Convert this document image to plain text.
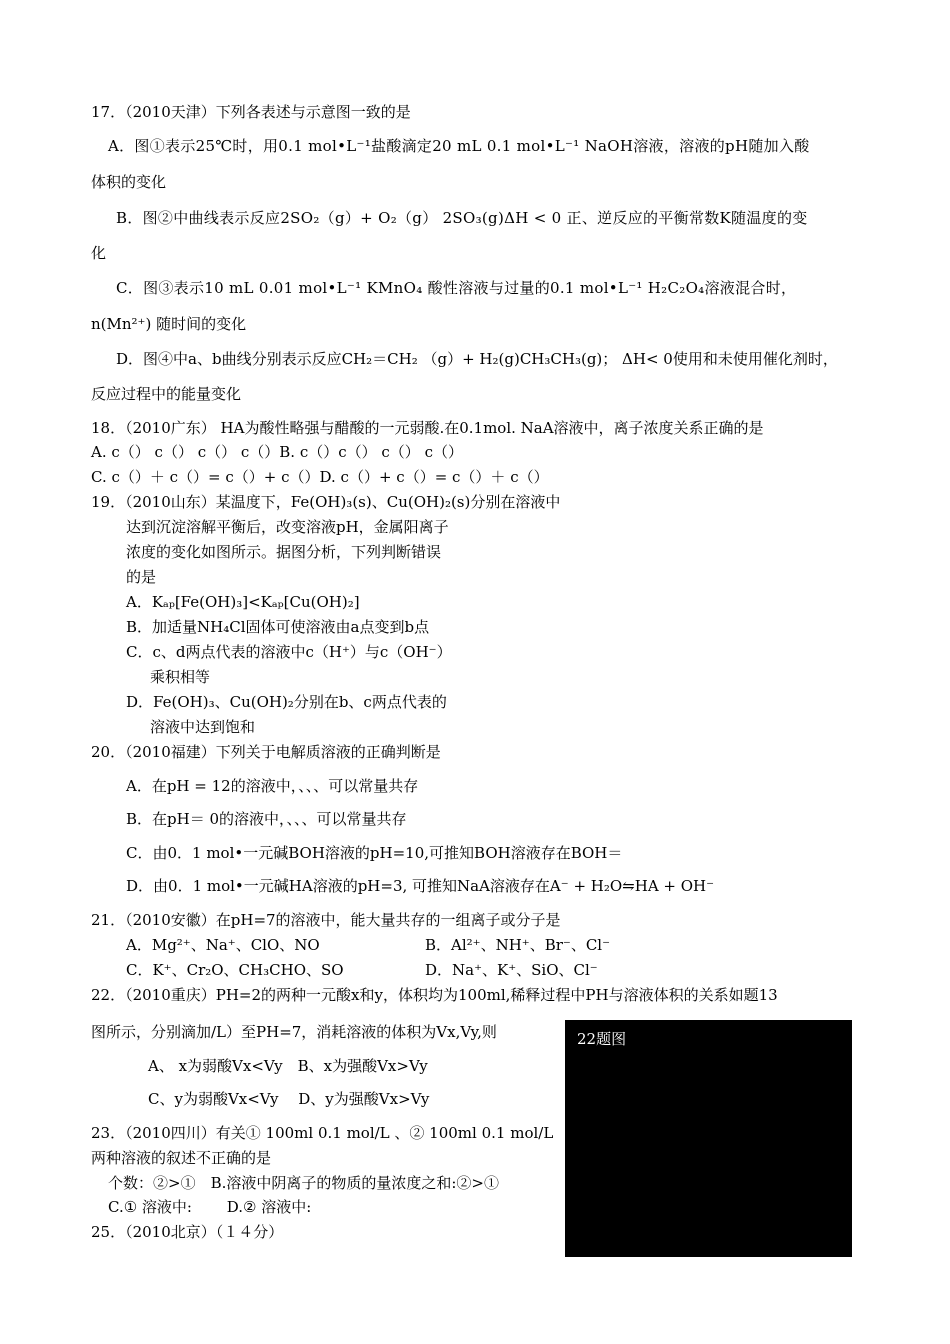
17．（2010天津）下列各表述与示意图一致的是
A．图①表示25℃时，用0.1 mol•L⁻¹盐酸滴定20 mL 0.1 mol•L⁻¹ NaOH溶液，溶液的pH随加入酸
体积的变化
B．图②中曲线表示反应2SO₂（g）+ O₂（g） 2SO₃(g)ΔH < 0 正、逆反应的平衡常数K随温度的变
化
C．图③表示10 mL 0.01 mol•L⁻¹ KMnO₄ 酸性溶液与过量的0.1 mol•L⁻¹ H₂C₂O₄溶液混合时，
n(Mn²⁺) 随时间的变化
D．图④中a、b曲线分别表示反应CH₂＝CH₂ （g）+ H₂(g)CH₃CH₃(g)； ΔH< 0使用和未使用催化剂时，
反应过程中的能量变化
18．（2010广东） HA为酸性略强与醋酸的一元弱酸.在0.1mol. NaA溶液中，离子浓度关系正确的是
A. c（） c（） c（） c（）B. c（）c（） c（） c（）
C. c（）＋ c（）= c（）+ c（）D. c（）+ c（）= c（）＋ c（）
19．（2010山东）某温度下，Fe(OH)₃(s)、Cu(OH)₂(s)分别在溶液中
达到沉淀溶解平衡后，改变溶液pH，金属阳离子
浓度的变化如图所示。据图分析，下列判断错误
的是
A．Kₐₚ[Fe(OH)₃]<Kₐₚ[Cu(OH)₂]
B．加适量NH₄Cl固体可使溶液由a点变到b点
C．c、d两点代表的溶液中c（H⁺）与c（OH⁻）
乘积相等
D．Fe(OH)₃、Cu(OH)₂分别在b、c两点代表的
溶液中达到饱和
20．（2010福建）下列关于电解质溶液的正确判断是
A．在pH = 12的溶液中，、、、可以常量共存
B．在pH＝ 0的溶液中，、、、可以常量共存
C．由0．1 mol•一元碱BOH溶液的pH=10,可推知BOH溶液存在BOH＝
D．由0．1 mol•一元碱HA溶液的pH=3, 可推知NaA溶液存在A⁻ + H₂O⇋HA + OH⁻
21．（2010安徽）在pH=7的溶液中，能大量共存的一组离子或分子是
A．Mg²⁺、Na⁺、ClO、NO	B．Al²⁺、NH⁺、Br⁻、Cl⁻
C．K⁺、Cr₂O、CH₃CHO、SO	D．Na⁺、K⁺、SiO、Cl⁻
22．（2010重庆）PH=2的两种一元酸x和y，体积均为100ml,稀释过程中PH与溶液体积的关系如题13
图所示，分别滴加/L）至PH=7，消耗溶液的体积为Vx,Vy,则
A、 x为弱酸Vx<Vy　B、x为强酸Vx>Vy
C、y为弱酸Vx<Vy　 D、y为强酸Vx>Vy
23．（2010四川）有关① 100ml 0.1 mol/L 、② 100ml 0.1 mol/L
两种溶液的叙述不正确的是
个数：②>①　B.溶液中阴离子的物质的量浓度之和:②>①
C.① 溶液中:　　 D.② 溶液中:
25．（2010北京）（１４分）
22题图
